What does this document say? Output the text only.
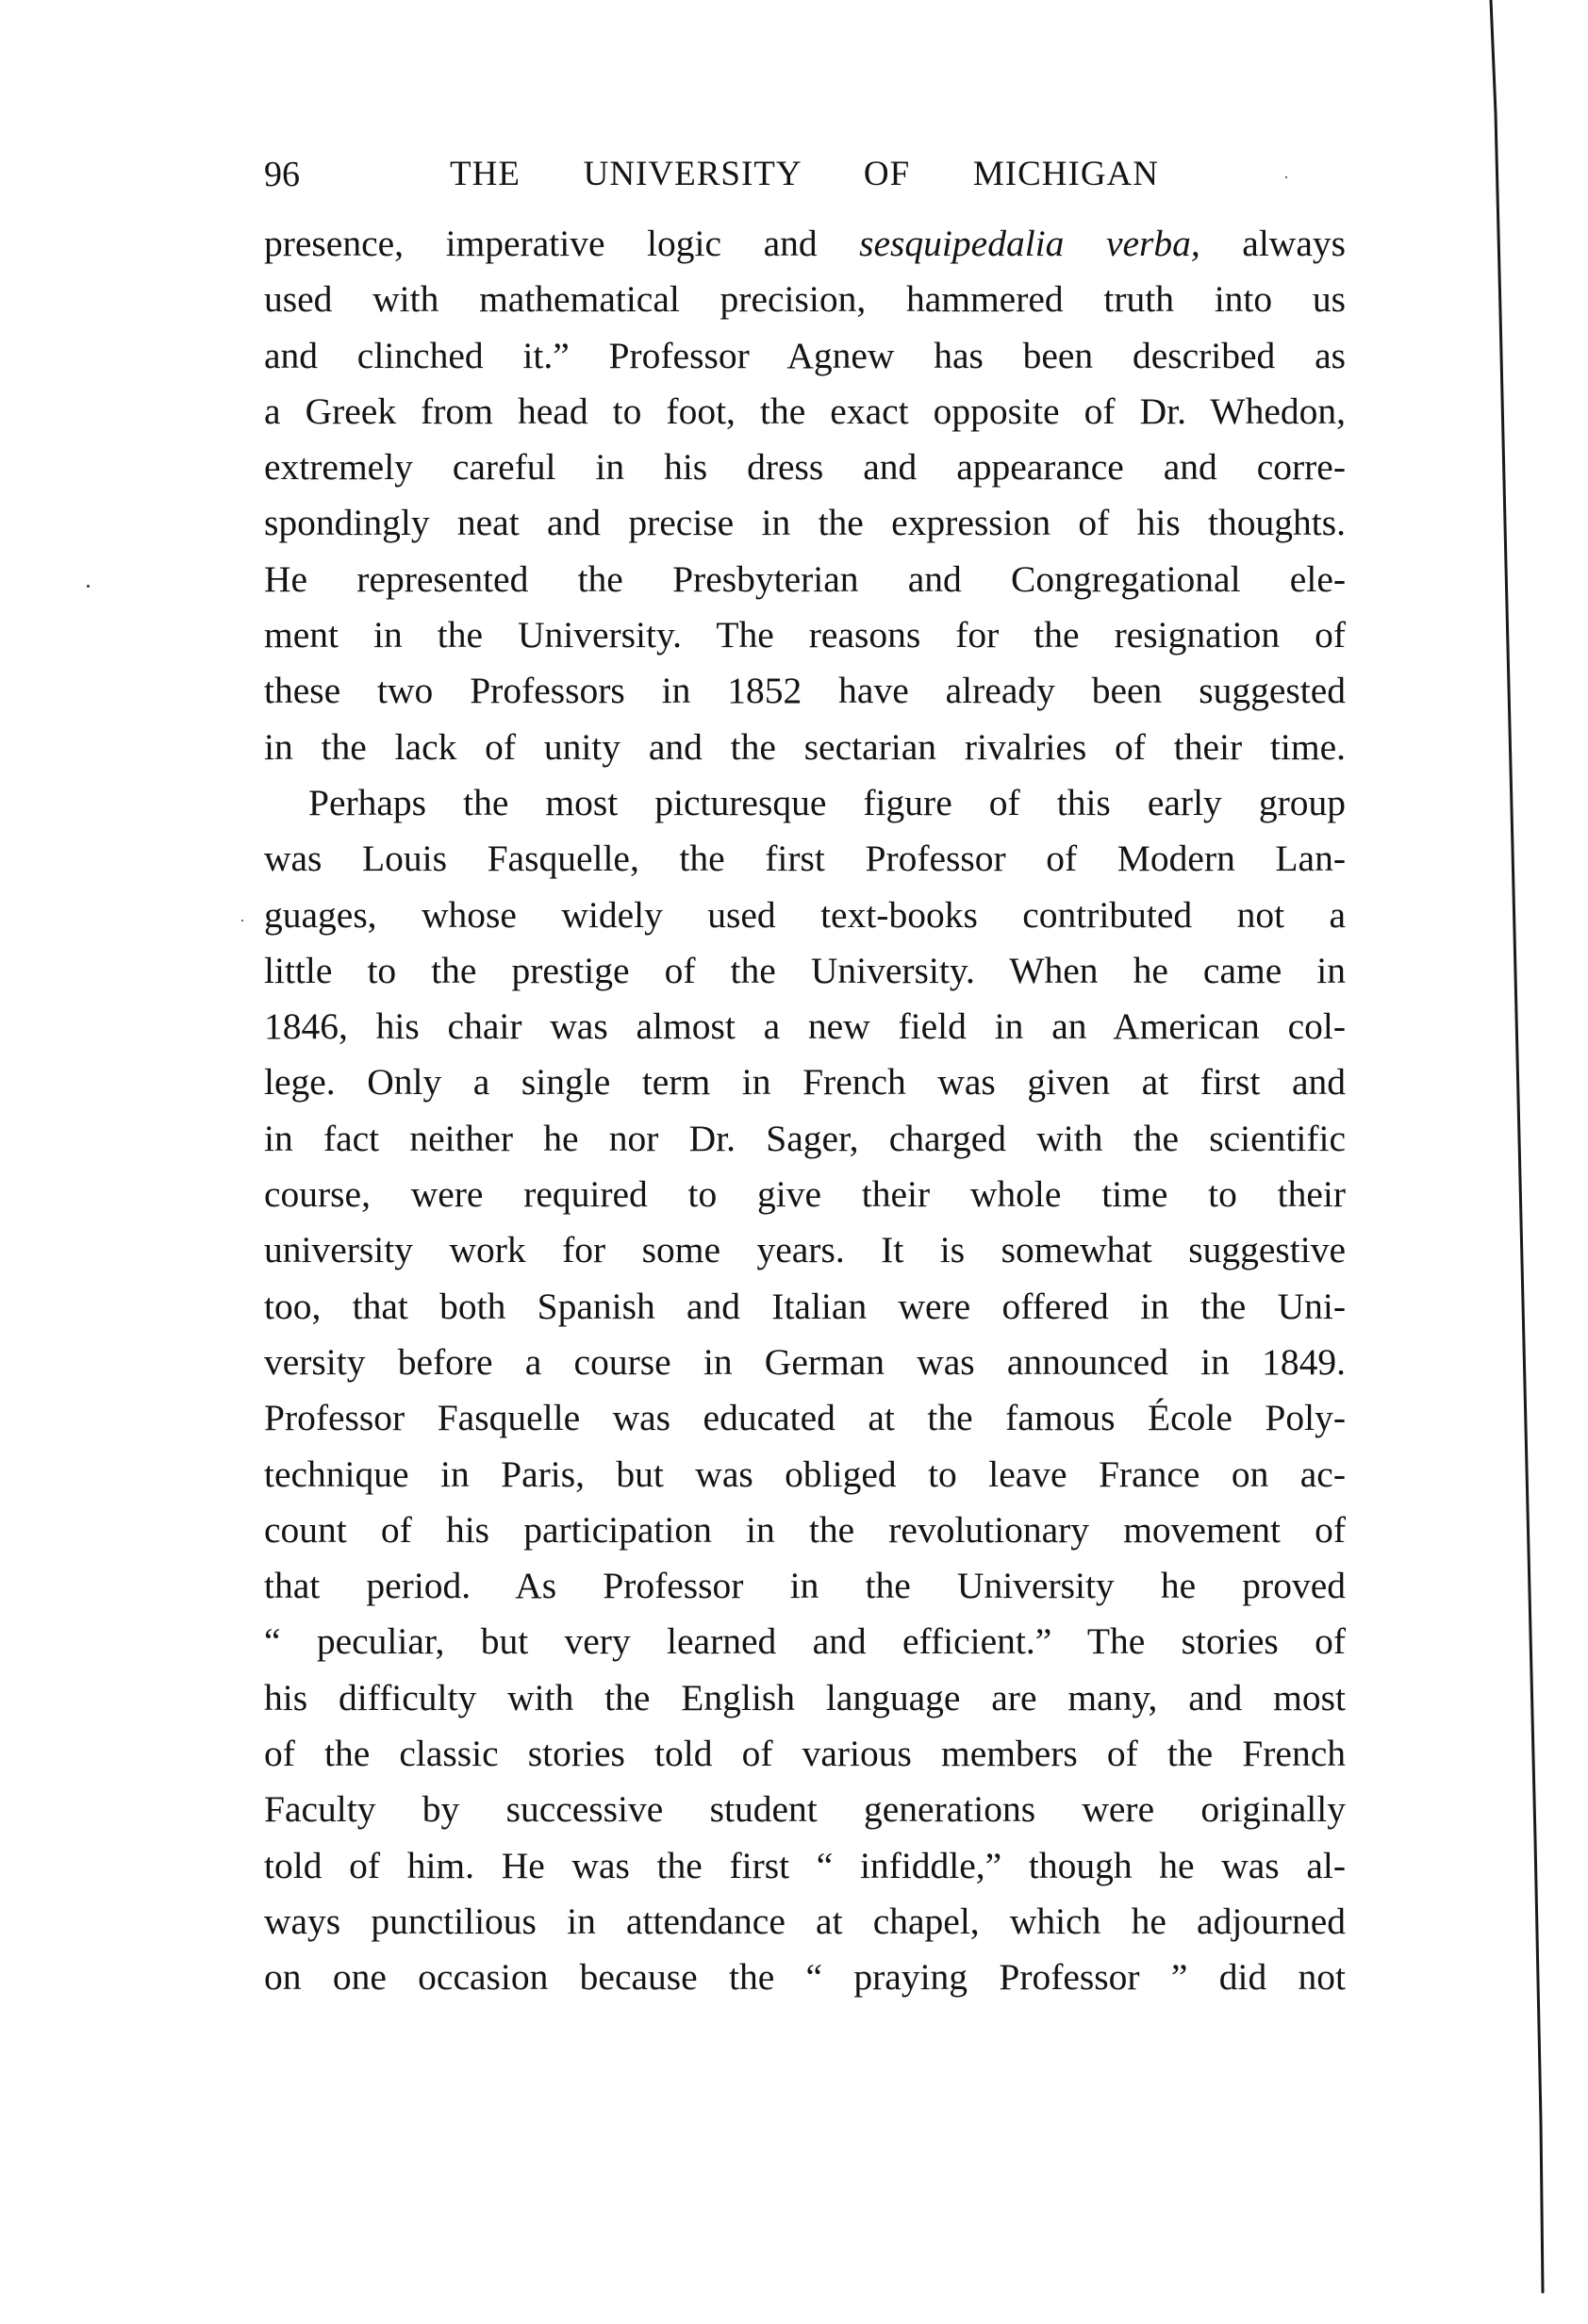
96	THE UNIVERSITY OF MICHIGAN
presence, imperative logic and sesquipedalia verba, always
used with mathematical precision, hammered truth into us
and clinched it.” Professor Agnew has been described as
a Greek from head to foot, the exact opposite of Dr. Whedon,
extremely careful in his dress and appearance and corre-
spondingly neat and precise in the expression of his thoughts.
He represented the Presbyterian and Congregational ele-
ment in the University. The reasons for the resignation of
these two Professors in 1852 have already been suggested
in the lack of unity and the sectarian rivalries of their time.
Perhaps the most picturesque figure of this early group
was Louis Fasquelle, the first Professor of Modern Lan-
guages, whose widely used text-books contributed not a
little to the prestige of the University. When he came in
1846, his chair was almost a new field in an American col-
lege. Only a single term in French was given at first and
in fact neither he nor Dr. Sager, charged with the scientific
course, were required to give their whole time to their
university work for some years. It is somewhat suggestive
too, that both Spanish and Italian were offered in the Uni-
versity before a course in German was announced in 1849.
Professor Fasquelle was educated at the famous École Poly-
technique in Paris, but was obliged to leave France on ac-
count of his participation in the revolutionary movement of
that period. As Professor in the University he proved
“ peculiar, but very learned and efficient.” The stories of
his difficulty with the English language are many, and most
of the classic stories told of various members of the French
Faculty by successive student generations were originally
told of him. He was the first “ infiddle,” though he was al-
ways punctilious in attendance at chapel, which he adjourned
on one occasion because the “ praying Professor ” did not
